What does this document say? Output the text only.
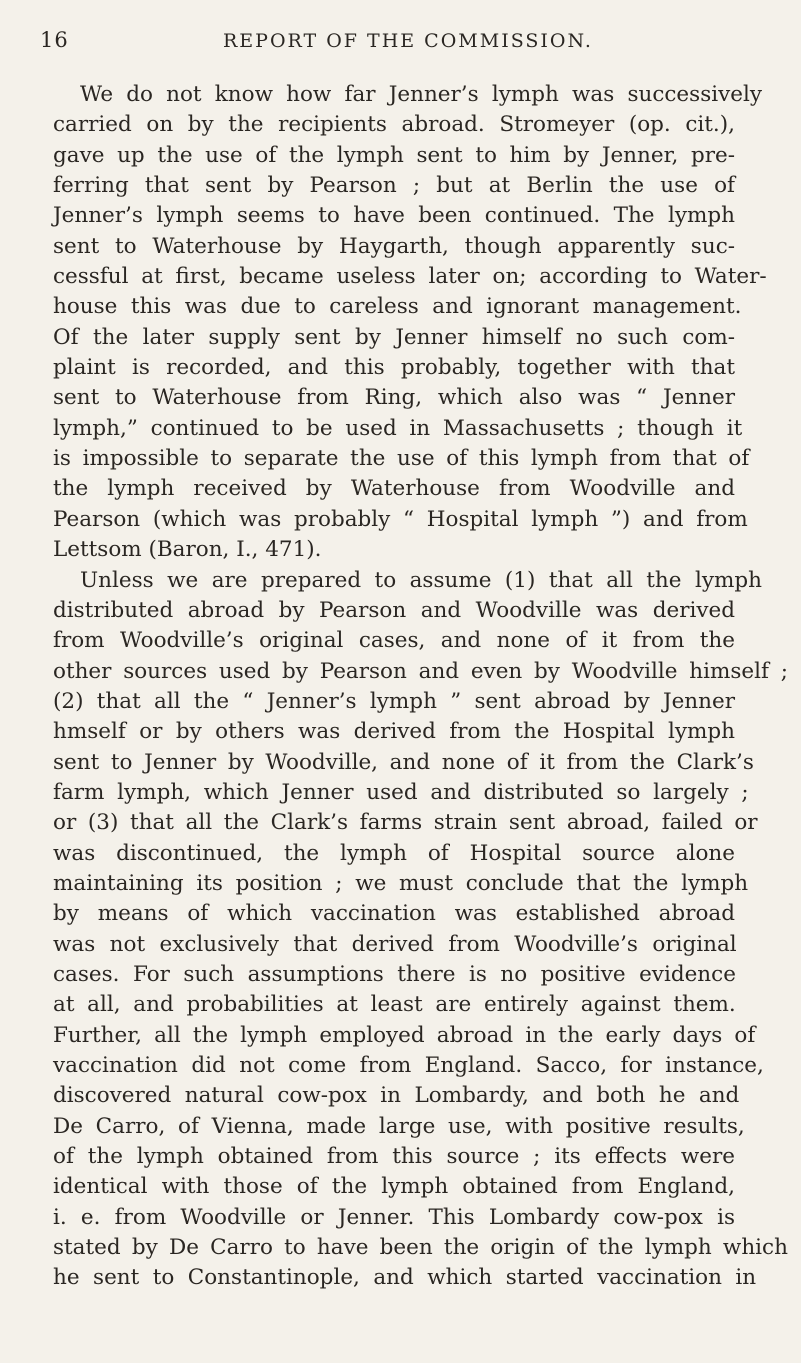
16	REPORT OF THE COMMISSION.
We do not know how far Jenner’s lymph was successively
carried on by the recipients abroad. Stromeyer (op. cit.),
gave up the use of the lymph sent to him by Jenner, pre-
ferring that sent by Pearson ; but at Berlin the use of
Jenner’s lymph seems to have been continued. The lymph
sent to Waterhouse by Haygarth, though apparently suc-
cessful at first, became useless later on; according to Water-
house this was due to careless and ignorant management.
Of the later supply sent by Jenner himself no such com-
plaint is recorded, and this probably, together with that
sent to Waterhouse from Ring, which also was “ Jenner
lymph,” continued to be used in Massachusetts ; though it
is impossible to separate the use of this lymph from that of
the lymph received by Waterhouse from Woodville and
Pearson (which was probably “ Hospital lymph ”) and from
Lettsom (Baron, I., 471).
Unless we are prepared to assume (1) that all the lymph
distributed abroad by Pearson and Woodville was derived
from Woodville’s original cases, and none of it from the
other sources used by Pearson and even by Woodville himself ;
(2) that all the “ Jenner’s lymph ” sent abroad by Jenner
hmself or by others was derived from the Hospital lymph
sent to Jenner by Woodville, and none of it from the Clark’s
farm lymph, which Jenner used and distributed so largely ;
or (3) that all the Clark’s farms strain sent abroad, failed or
was discontinued, the lymph of Hospital source alone
maintaining its position ; we must conclude that the lymph
by means of which vaccination was established abroad
was not exclusively that derived from Woodville’s original
cases. For such assumptions there is no positive evidence
at all, and probabilities at least are entirely against them.
Further, all the lymph employed abroad in the early days of
vaccination did not come from England. Sacco, for instance,
discovered natural cow-pox in Lombardy, and both he and
De Carro, of Vienna, made large use, with positive results,
of the lymph obtained from this source ; its effects were
identical with those of the lymph obtained from England,
i. e. from Woodville or Jenner. This Lombardy cow-pox is
stated by De Carro to have been the origin of the lymph which
he sent to Constantinople, and which started vaccination in
